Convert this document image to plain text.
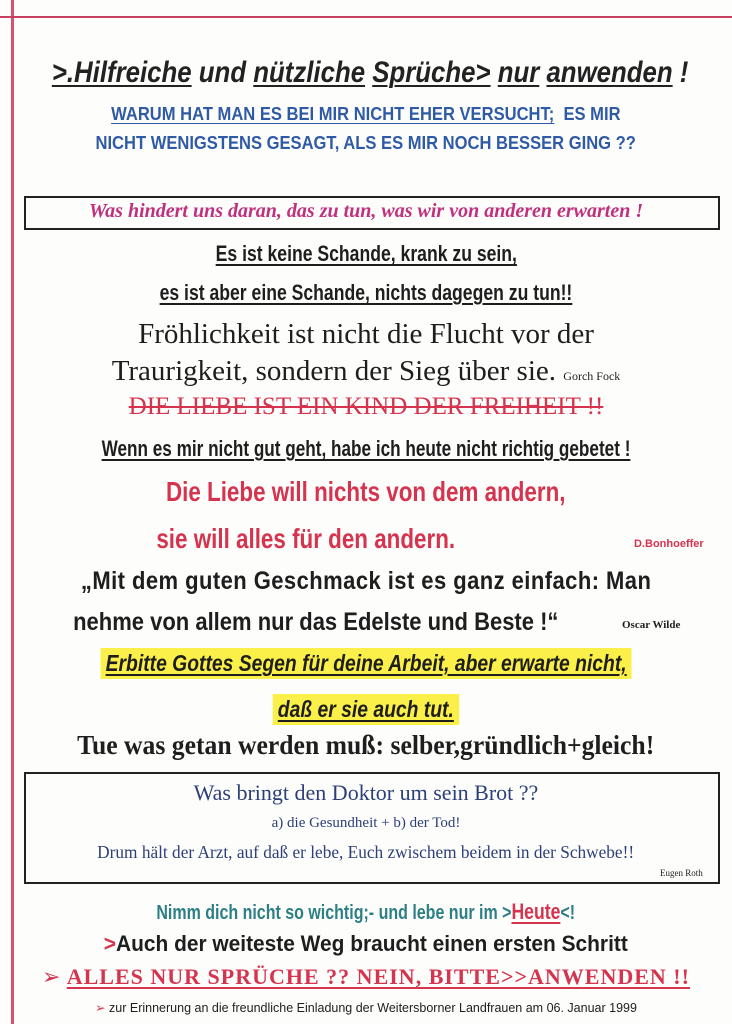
>.Hilfreiche und nützliche Sprüche> nur anwenden !
WARUM HAT MAN ES BEI MIR NICHT EHER VERSUCHT;  ES MIR
NICHT WENIGSTENS GESAGT, ALS ES MIR NOCH BESSER GING ??
Was hindert uns daran, das zu tun, was wir von anderen erwarten !
Es ist keine Schande, krank zu sein,
es ist aber eine Schande, nichts dagegen zu tun!!
Fröhlichkeit ist nicht die Flucht vor der
Traurigkeit, sondern der Sieg über sie. Gorch Fock
DIE LIEBE IST EIN KIND DER FREIHEIT !!
Wenn es mir nicht gut geht, habe ich heute nicht richtig gebetet !
Die Liebe will nichts von dem andern,
sie will alles für den andern.	D.Bonhoeffer
„Mit dem guten Geschmack ist es ganz einfach: Man
nehme von allem nur das Edelste und Beste !“	Oscar Wilde
Erbitte Gottes Segen für deine Arbeit, aber erwarte nicht,
daß er sie auch tut.
Tue was getan werden muß: selber,gründlich+gleich!
Was bringt den Doktor um sein Brot ??
a) die Gesundheit + b) der Tod!
Drum hält der Arzt, auf daß er lebe, Euch zwischem beidem in der Schwebe!!
Eugen Roth
Nimm dich nicht so wichtig;- und lebe nur im >Heute<!
>Auch der weiteste Weg braucht einen ersten Schritt
➢ ALLES NUR SPRÜCHE ?? NEIN, BITTE>>ANWENDEN !!
➢ zur Erinnerung an die freundliche Einladung der Weitersborner Landfrauen am 06. Januar 1999
